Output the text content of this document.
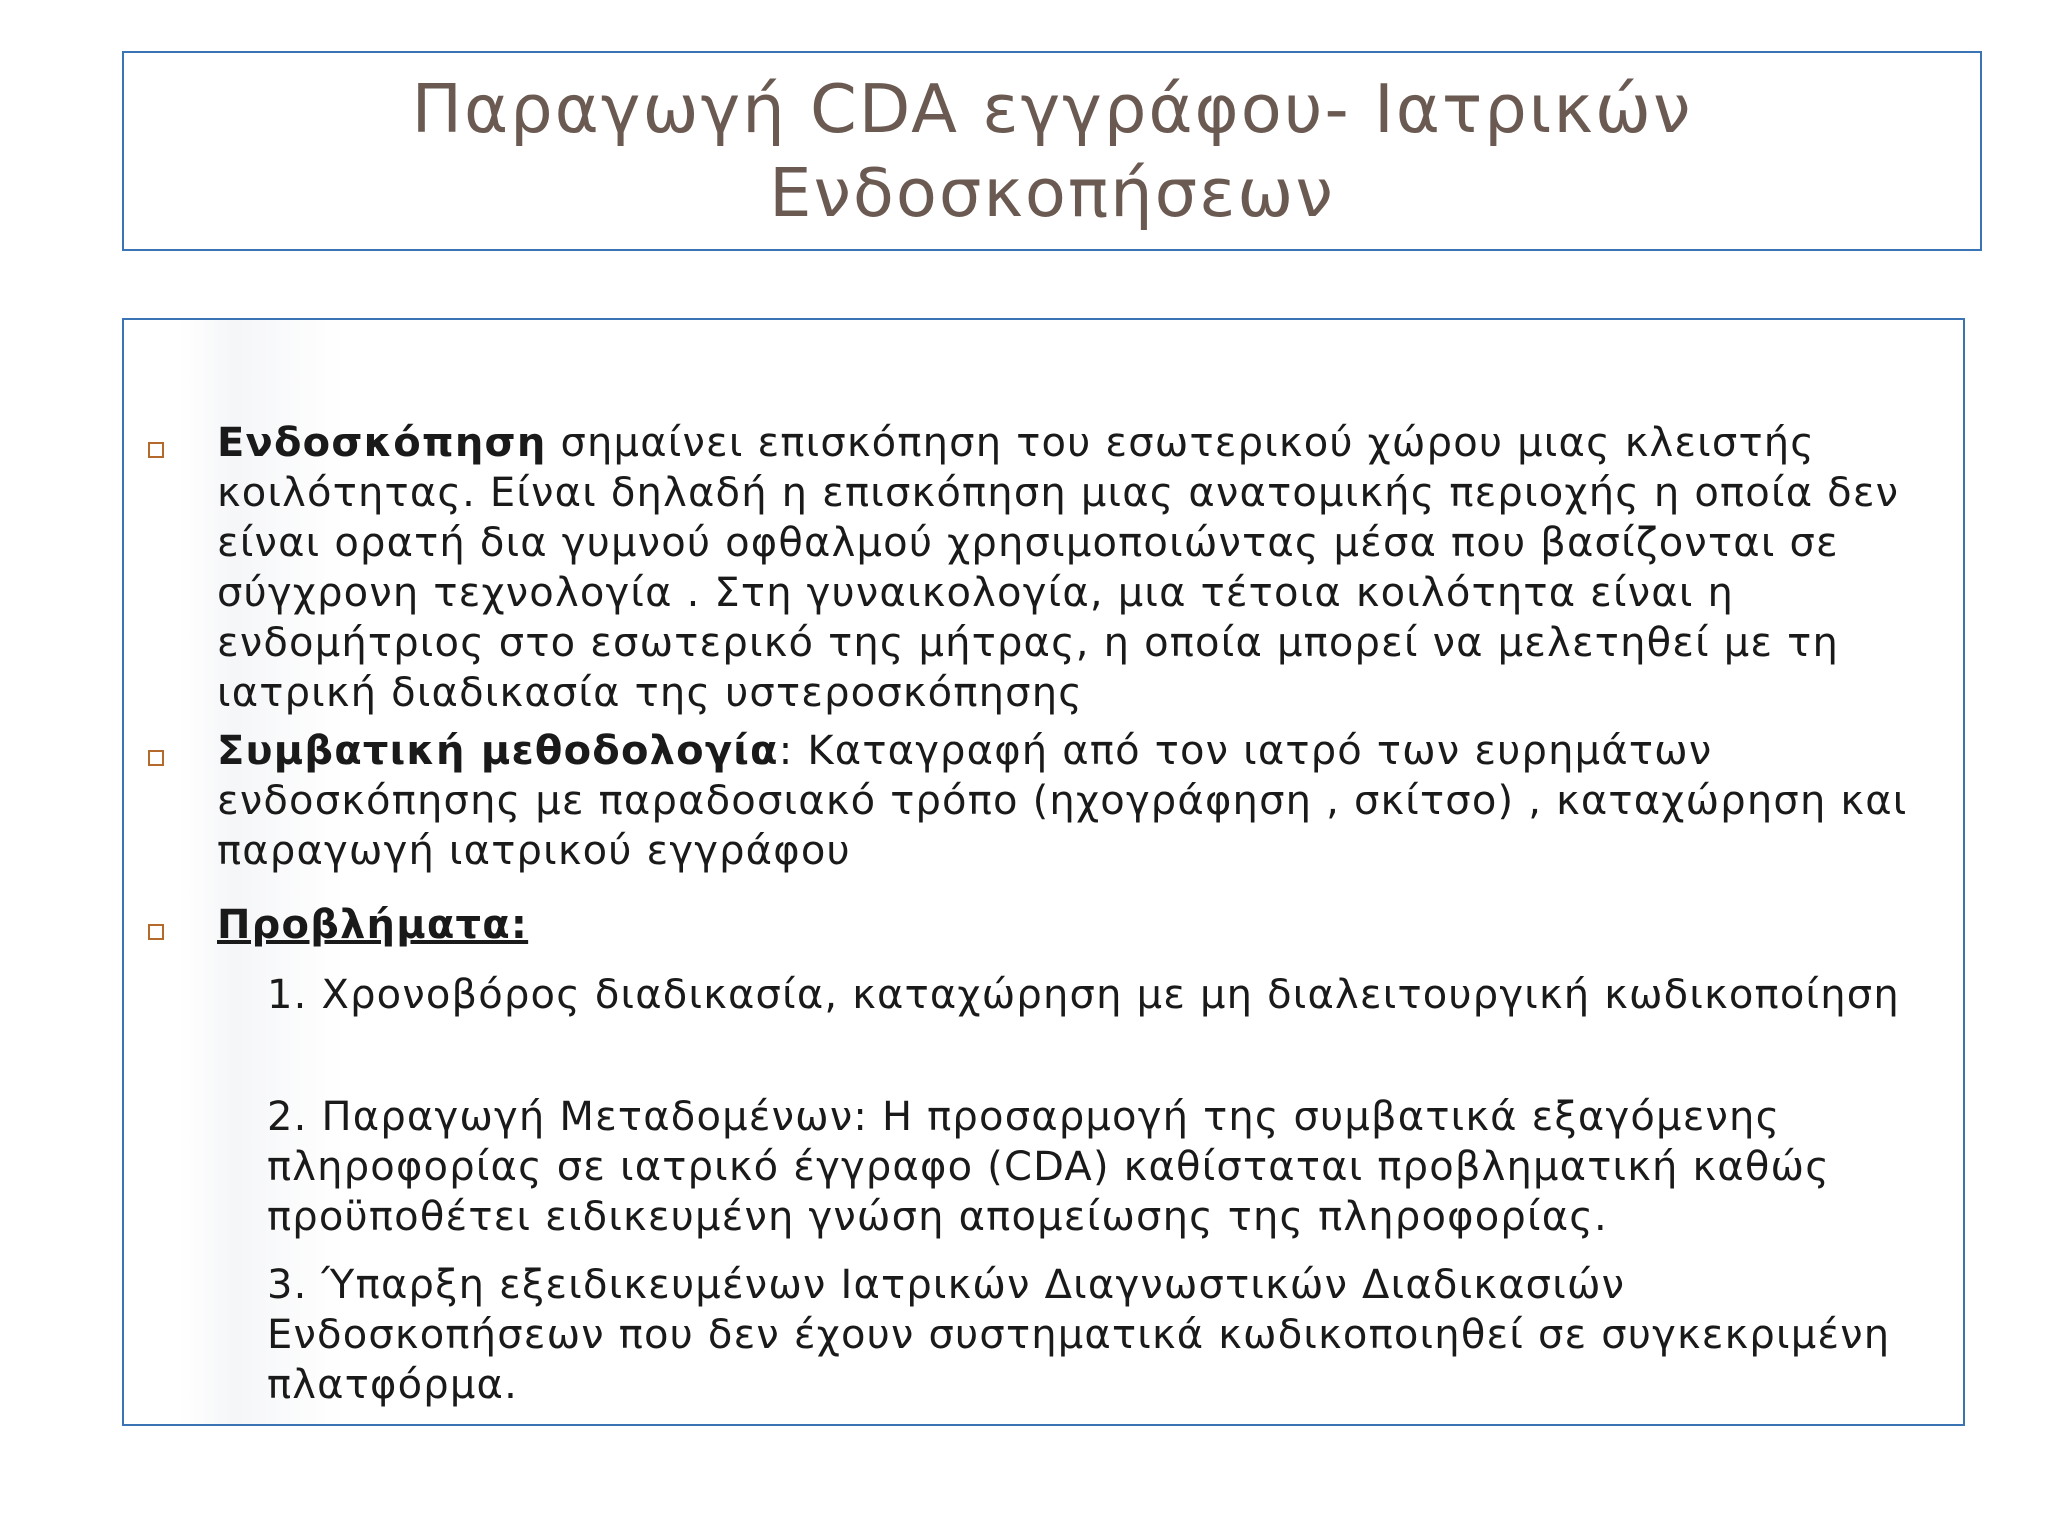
Παραγωγή CDA εγγράφου- Ιατρικών
Ενδοσκοπήσεων
Ενδοσκόπηση σημαίνει επισκόπηση του εσωτερικού χώρου μιας κλειστής κοιλότητας. Είναι δηλαδή η επισκόπηση μιας ανατομικής περιοχής η οποία δεν είναι ορατή δια γυμνού οφθαλμού χρησιμοποιώντας μέσα που βασίζονται σε σύγχρονη τεχνολογία . Στη γυναικολογία, μια τέτοια κοιλότητα είναι η ενδομήτριος στο εσωτερικό της μήτρας, η οποία μπορεί να μελετηθεί με τη ιατρική διαδικασία της υστεροσκόπησης
Συμβατική μεθοδολογία: Καταγραφή από τον ιατρό των ευρημάτων ενδοσκόπησης με παραδοσιακό τρόπο (ηχογράφηση , σκίτσο) , καταχώρηση και παραγωγή ιατρικού εγγράφου
Προβλήματα:
1. Χρονοβόρος διαδικασία, καταχώρηση με μη διαλειτουργική κωδικοποίηση
2. Παραγωγή Μεταδομένων: Η προσαρμογή της συμβατικά εξαγόμενης πληροφορίας σε ιατρικό έγγραφο (CDA) καθίσταται προβληματική καθώς προϋποθέτει ειδικευμένη γνώση απομείωσης της πληροφορίας.
3. Ύπαρξη εξειδικευμένων Ιατρικών Διαγνωστικών Διαδικασιών Ενδοσκοπήσεων που δεν έχουν συστηματικά κωδικοποιηθεί σε συγκεκριμένη πλατφόρμα.
